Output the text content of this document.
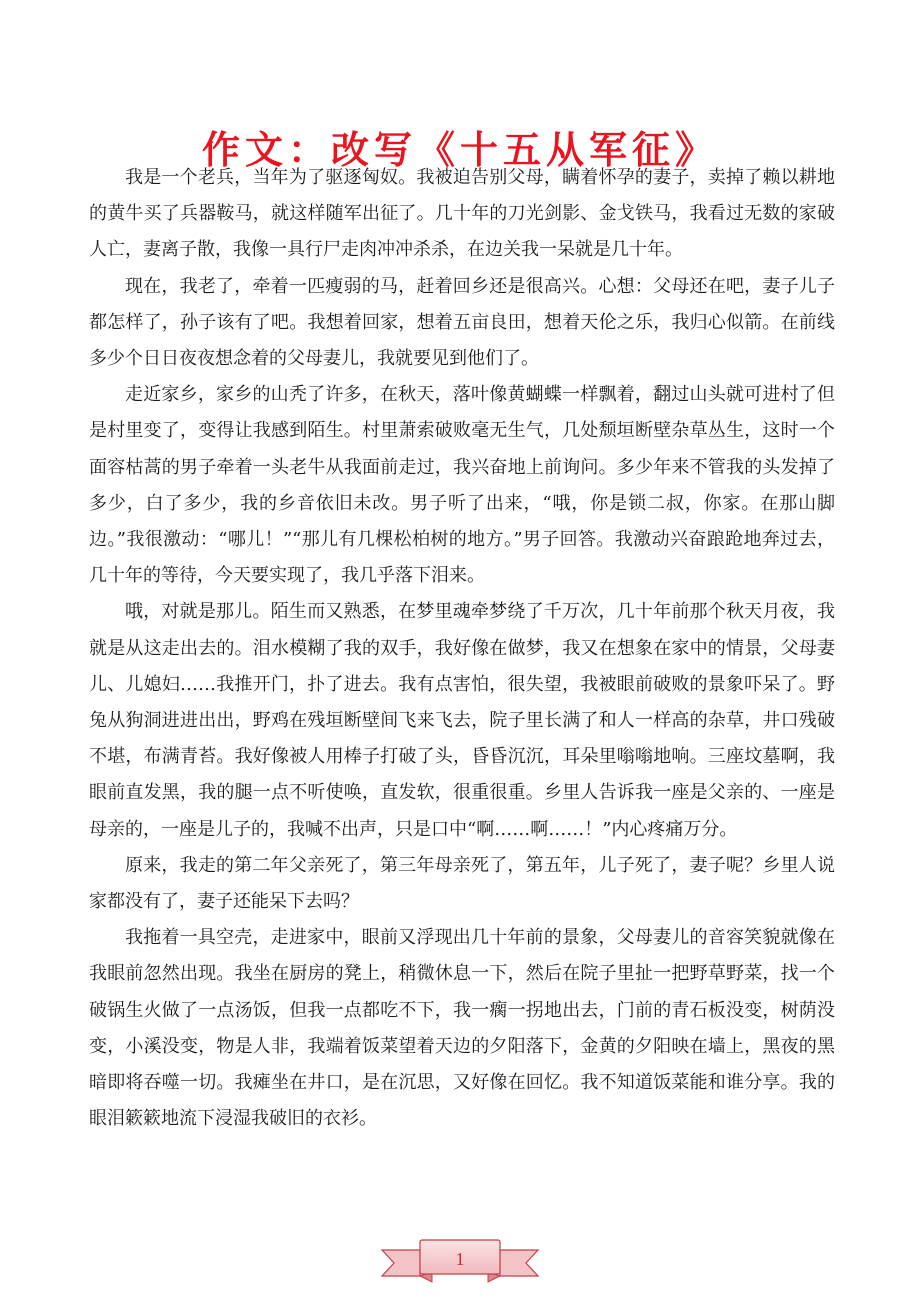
作文：改写《十五从军征》

我是一个老兵，当年为了驱逐匈奴。我被迫告别父母，瞒着怀孕的妻子，卖掉了赖以耕地的黄牛买了兵器鞍马，就这样随军出征了。几十年的刀光剑影、金戈铁马，我看过无数的家破人亡，妻离子散，我像一具行尸走肉冲冲杀杀，在边关我一呆就是几十年。

现在，我老了，牵着一匹瘦弱的马，赶着回乡还是很高兴。心想：父母还在吧，妻子儿子都怎样了，孙子该有了吧。我想着回家，想着五亩良田，想着天伦之乐，我归心似箭。在前线多少个日日夜夜想念着的父母妻儿，我就要见到他们了。

走近家乡，家乡的山秃了许多，在秋天，落叶像黄蝴蝶一样飘着，翻过山头就可进村了但是村里变了，变得让我感到陌生。村里萧索破败毫无生气，几处颓垣断壁杂草丛生，这时一个面容枯蒿的男子牵着一头老牛从我面前走过，我兴奋地上前询问。多少年来不管我的头发掉了多少，白了多少，我的乡音依旧未改。男子听了出来，“哦，你是锁二叔，你家。在那山脚边。”我很激动：“哪儿！”“那儿有几棵松柏树的地方。”男子回答。我激动兴奋踉跄地奔过去，几十年的等待，今天要实现了，我几乎落下泪来。

哦，对就是那儿。陌生而又熟悉，在梦里魂牵梦绕了千万次，几十年前那个秋天月夜，我就是从这走出去的。泪水模糊了我的双手，我好像在做梦，我又在想象在家中的情景，父母妻儿、儿媳妇……我推开门，扑了进去。我有点害怕，很失望，我被眼前破败的景象吓呆了。野兔从狗洞进进出出，野鸡在残垣断壁间飞来飞去，院子里长满了和人一样高的杂草，井口残破不堪，布满青苔。我好像被人用棒子打破了头，昏昏沉沉，耳朵里嗡嗡地响。三座坟墓啊，我眼前直发黑，我的腿一点不听使唤，直发软，很重很重。乡里人告诉我一座是父亲的、一座是母亲的，一座是儿子的，我喊不出声，只是口中“啊……啊……！”内心疼痛万分。

原来，我走的第二年父亲死了，第三年母亲死了，第五年，儿子死了，妻子呢？乡里人说家都没有了，妻子还能呆下去吗？

我拖着一具空壳，走进家中，眼前又浮现出几十年前的景象，父母妻儿的音容笑貌就像在我眼前忽然出现。我坐在厨房的凳上，稍微休息一下，然后在院子里扯一把野草野菜，找一个破锅生火做了一点汤饭，但我一点都吃不下，我一瘸一拐地出去，门前的青石板没变，树荫没变，小溪没变，物是人非，我端着饭菜望着天边的夕阳落下，金黄的夕阳映在墙上，黑夜的黑暗即将吞噬一切。我瘫坐在井口，是在沉思，又好像在回忆。我不知道饭菜能和谁分享。我的眼泪簌簌地流下浸湿我破旧的衣衫。

1
